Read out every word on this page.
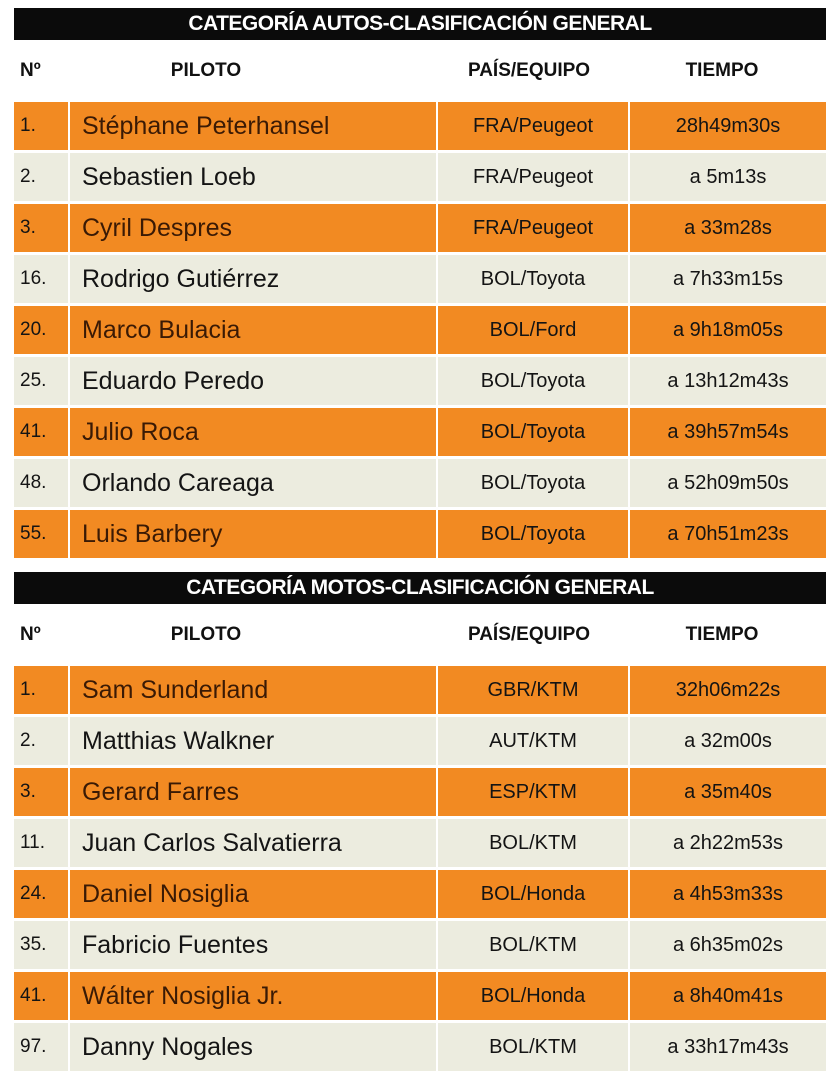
CATEGORÍA AUTOS-CLASIFICACIÓN GENERAL
Nº	PILOTO	PAÍS/EQUIPO	TIEMPO
1.	Stéphane Peterhansel	FRA/Peugeot	28h49m30s
2.	Sebastien Loeb	FRA/Peugeot	a 5m13s
3.	Cyril Despres	FRA/Peugeot	a 33m28s
16.	Rodrigo Gutiérrez	BOL/Toyota	a 7h33m15s
20.	Marco Bulacia	BOL/Ford	a 9h18m05s
25.	Eduardo Peredo	BOL/Toyota	a 13h12m43s
41.	Julio Roca	BOL/Toyota	a 39h57m54s
48.	Orlando Careaga	BOL/Toyota	a 52h09m50s
55.	Luis Barbery	BOL/Toyota	a 70h51m23s
CATEGORÍA MOTOS-CLASIFICACIÓN GENERAL
Nº	PILOTO	PAÍS/EQUIPO	TIEMPO
1.	Sam Sunderland	GBR/KTM	32h06m22s
2.	Matthias Walkner	AUT/KTM	a 32m00s
3.	Gerard Farres	ESP/KTM	a 35m40s
11.	Juan Carlos Salvatierra	BOL/KTM	a 2h22m53s
24.	Daniel Nosiglia	BOL/Honda	a 4h53m33s
35.	Fabricio Fuentes	BOL/KTM	a 6h35m02s
41.	Wálter Nosiglia Jr.	BOL/Honda	a 8h40m41s
97.	Danny Nogales	BOL/KTM	a 33h17m43s
